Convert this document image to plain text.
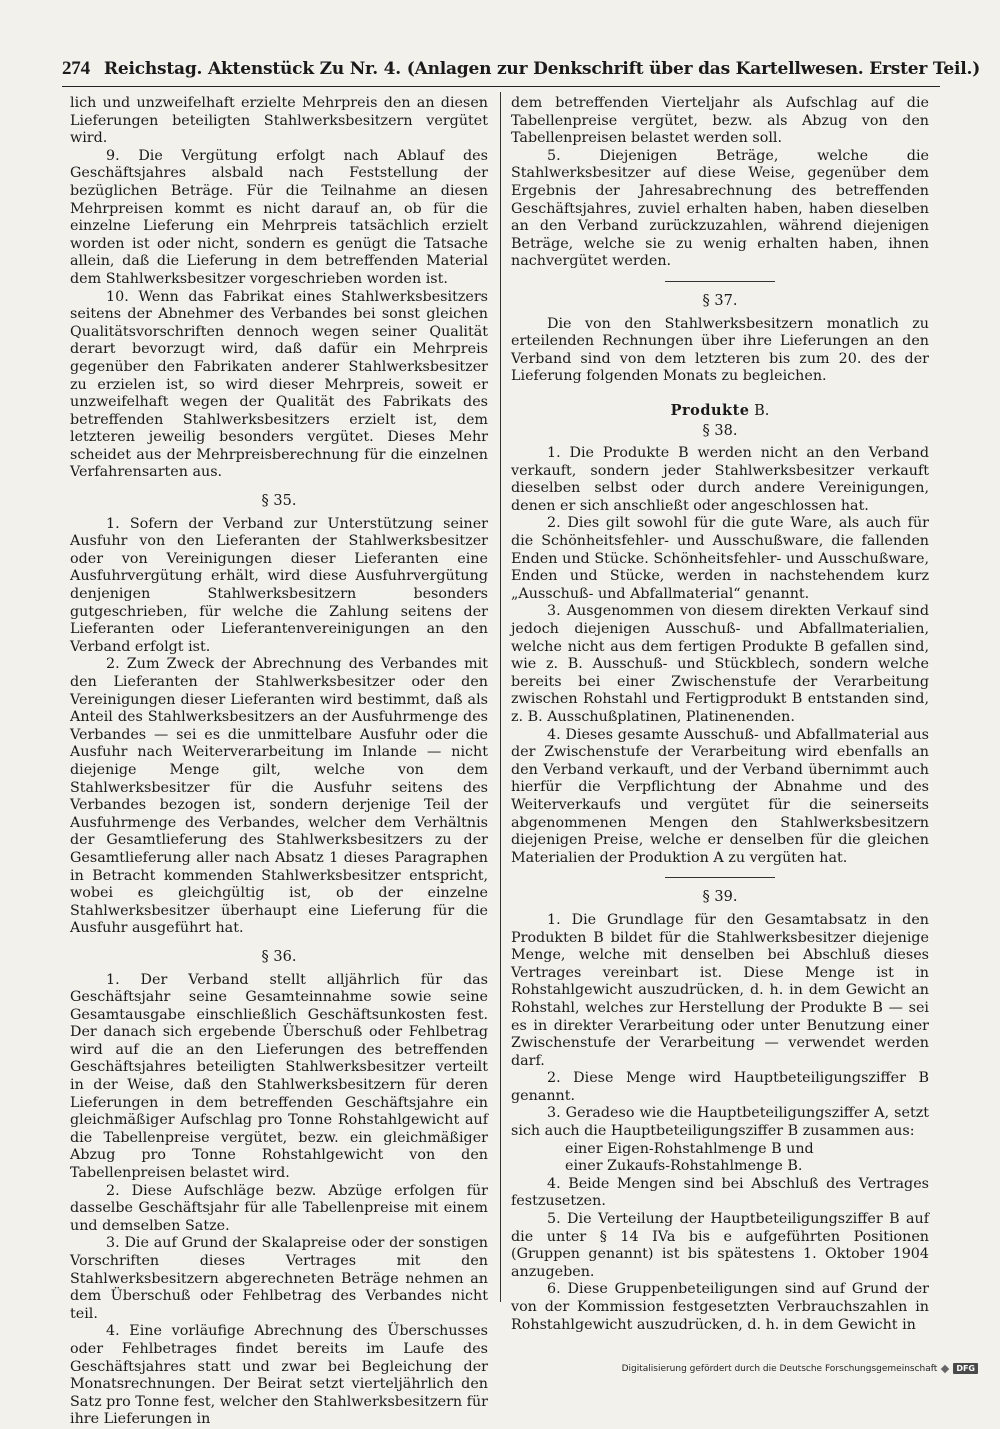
274 Reichstag. Aktenstück Zu Nr. 4. (Anlagen zur Denkschrift über das Kartellwesen. Erster Teil.)

lich und unzweifelhaft erzielte Mehrpreis den an diesen Lieferungen beteiligten Stahlwerksbesitzern vergütet wird.

9. Die Vergütung erfolgt nach Ablauf des Geschäftsjahres alsbald nach Feststellung der bezüglichen Beträge. Für die Teilnahme an diesen Mehrpreisen kommt es nicht darauf an, ob für die einzelne Lieferung ein Mehrpreis tatsächlich erzielt worden ist oder nicht, sondern es genügt die Tatsache allein, daß die Lieferung in dem betreffenden Material dem Stahlwerksbesitzer vorgeschrieben worden ist.

10. Wenn das Fabrikat eines Stahlwerksbesitzers seitens der Abnehmer des Verbandes bei sonst gleichen Qualitätsvorschriften dennoch wegen seiner Qualität derart bevorzugt wird, daß dafür ein Mehrpreis gegenüber den Fabrikaten anderer Stahlwerksbesitzer zu erzielen ist, so wird dieser Mehrpreis, soweit er unzweifelhaft wegen der Qualität des Fabrikats des betreffenden Stahlwerksbesitzers erzielt ist, dem letzteren jeweilig besonders vergütet. Dieses Mehr scheidet aus der Mehrpreisberechnung für die einzelnen Verfahrensarten aus.

§ 35.

1. Sofern der Verband zur Unterstützung seiner Ausfuhr von den Lieferanten der Stahlwerksbesitzer oder von Vereinigungen dieser Lieferanten eine Ausfuhrvergütung erhält, wird diese Ausfuhrvergütung denjenigen Stahlwerksbesitzern besonders gutgeschrieben, für welche die Zahlung seitens der Lieferanten oder Lieferantenvereinigungen an den Verband erfolgt ist.

2. Zum Zweck der Abrechnung des Verbandes mit den Lieferanten der Stahlwerksbesitzer oder den Vereinigungen dieser Lieferanten wird bestimmt, daß als Anteil des Stahlwerksbesitzers an der Ausfuhrmenge des Verbandes — sei es die unmittelbare Ausfuhr oder die Ausfuhr nach Weiterverarbeitung im Inlande — nicht diejenige Menge gilt, welche von dem Stahlwerksbesitzer für die Ausfuhr seitens des Verbandes bezogen ist, sondern derjenige Teil der Ausfuhrmenge des Verbandes, welcher dem Verhältnis der Gesamtlieferung des Stahlwerksbesitzers zu der Gesamtlieferung aller nach Absatz 1 dieses Paragraphen in Betracht kommenden Stahlwerksbesitzer entspricht, wobei es gleichgültig ist, ob der einzelne Stahlwerksbesitzer überhaupt eine Lieferung für die Ausfuhr ausgeführt hat.

§ 36.

1. Der Verband stellt alljährlich für das Geschäftsjahr seine Gesamteinnahme sowie seine Gesamtausgabe einschließlich Geschäftsunkosten fest. Der danach sich ergebende Überschuß oder Fehlbetrag wird auf die an den Lieferungen des betreffenden Geschäftsjahres beteiligten Stahlwerksbesitzer verteilt in der Weise, daß den Stahlwerksbesitzern für deren Lieferungen in dem betreffenden Geschäftsjahre ein gleichmäßiger Aufschlag pro Tonne Rohstahlgewicht auf die Tabellenpreise vergütet, bezw. ein gleichmäßiger Abzug pro Tonne Rohstahlgewicht von den Tabellenpreisen belastet wird.

2. Diese Aufschläge bezw. Abzüge erfolgen für dasselbe Geschäftsjahr für alle Tabellenpreise mit einem und demselben Satze.

3. Die auf Grund der Skalapreise oder der sonstigen Vorschriften dieses Vertrages mit den Stahlwerksbesitzern abgerechneten Beträge nehmen an dem Überschuß oder Fehlbetrag des Verbandes nicht teil.

4. Eine vorläufige Abrechnung des Überschusses oder Fehlbetrages findet bereits im Laufe des Geschäftsjahres statt und zwar bei Begleichung der Monatsrechnungen. Der Beirat setzt vierteljährlich den Satz pro Tonne fest, welcher den Stahlwerksbesitzern für ihre Lieferungen in

dem betreffenden Vierteljahr als Aufschlag auf die Tabellenpreise vergütet, bezw. als Abzug von den Tabellenpreisen belastet werden soll.

5. Diejenigen Beträge, welche die Stahlwerksbesitzer auf diese Weise, gegenüber dem Ergebnis der Jahresabrechnung des betreffenden Geschäftsjahres, zuviel erhalten haben, haben dieselben an den Verband zurückzuzahlen, während diejenigen Beträge, welche sie zu wenig erhalten haben, ihnen nachvergütet werden.

§ 37.

Die von den Stahlwerksbesitzern monatlich zu erteilenden Rechnungen über ihre Lieferungen an den Verband sind von dem letzteren bis zum 20. des der Lieferung folgenden Monats zu begleichen.

Produkte B.
§ 38.

1. Die Produkte B werden nicht an den Verband verkauft, sondern jeder Stahlwerksbesitzer verkauft dieselben selbst oder durch andere Vereinigungen, denen er sich anschließt oder angeschlossen hat.

2. Dies gilt sowohl für die gute Ware, als auch für die Schönheitsfehler- und Ausschußware, die fallenden Enden und Stücke. Schönheitsfehler- und Ausschußware, Enden und Stücke, werden in nachstehendem kurz „Ausschuß- und Abfallmaterial“ genannt.

3. Ausgenommen von diesem direkten Verkauf sind jedoch diejenigen Ausschuß- und Abfallmaterialien, welche nicht aus dem fertigen Produkte B gefallen sind, wie z. B. Ausschuß- und Stückblech, sondern welche bereits bei einer Zwischenstufe der Verarbeitung zwischen Rohstahl und Fertigprodukt B entstanden sind, z. B. Ausschußplatinen, Platinenenden.

4. Dieses gesamte Ausschuß- und Abfallmaterial aus der Zwischenstufe der Verarbeitung wird ebenfalls an den Verband verkauft, und der Verband übernimmt auch hierfür die Verpflichtung der Abnahme und des Weiterverkaufs und vergütet für die seinerseits abgenommenen Mengen den Stahlwerksbesitzern diejenigen Preise, welche er denselben für die gleichen Materialien der Produktion A zu vergüten hat.

§ 39.

1. Die Grundlage für den Gesamtabsatz in den Produkten B bildet für die Stahlwerksbesitzer diejenige Menge, welche mit denselben bei Abschluß dieses Vertrages vereinbart ist. Diese Menge ist in Rohstahlgewicht auszudrücken, d. h. in dem Gewicht an Rohstahl, welches zur Herstellung der Produkte B — sei es in direkter Verarbeitung oder unter Benutzung einer Zwischenstufe der Verarbeitung — verwendet werden darf.

2. Diese Menge wird Hauptbeteiligungsziffer B genannt.

3. Geradeso wie die Hauptbeteiligungsziffer A, setzt sich auch die Hauptbeteiligungsziffer B zusammen aus:

einer Eigen-Rohstahlmenge B und

einer Zukaufs-Rohstahlmenge B.

4. Beide Mengen sind bei Abschluß des Vertrages festzusetzen.

5. Die Verteilung der Hauptbeteiligungsziffer B auf die unter § 14 IVa bis e aufgeführten Positionen (Gruppen genannt) ist bis spätestens 1. Oktober 1904 anzugeben.

6. Diese Gruppenbeteiligungen sind auf Grund der von der Kommission festgesetzten Verbrauchszahlen in Rohstahlgewicht auszudrücken, d. h. in dem Gewicht in

Digitalisierung gefördert durch die Deutsche Forschungsgemeinschaft	DFG
